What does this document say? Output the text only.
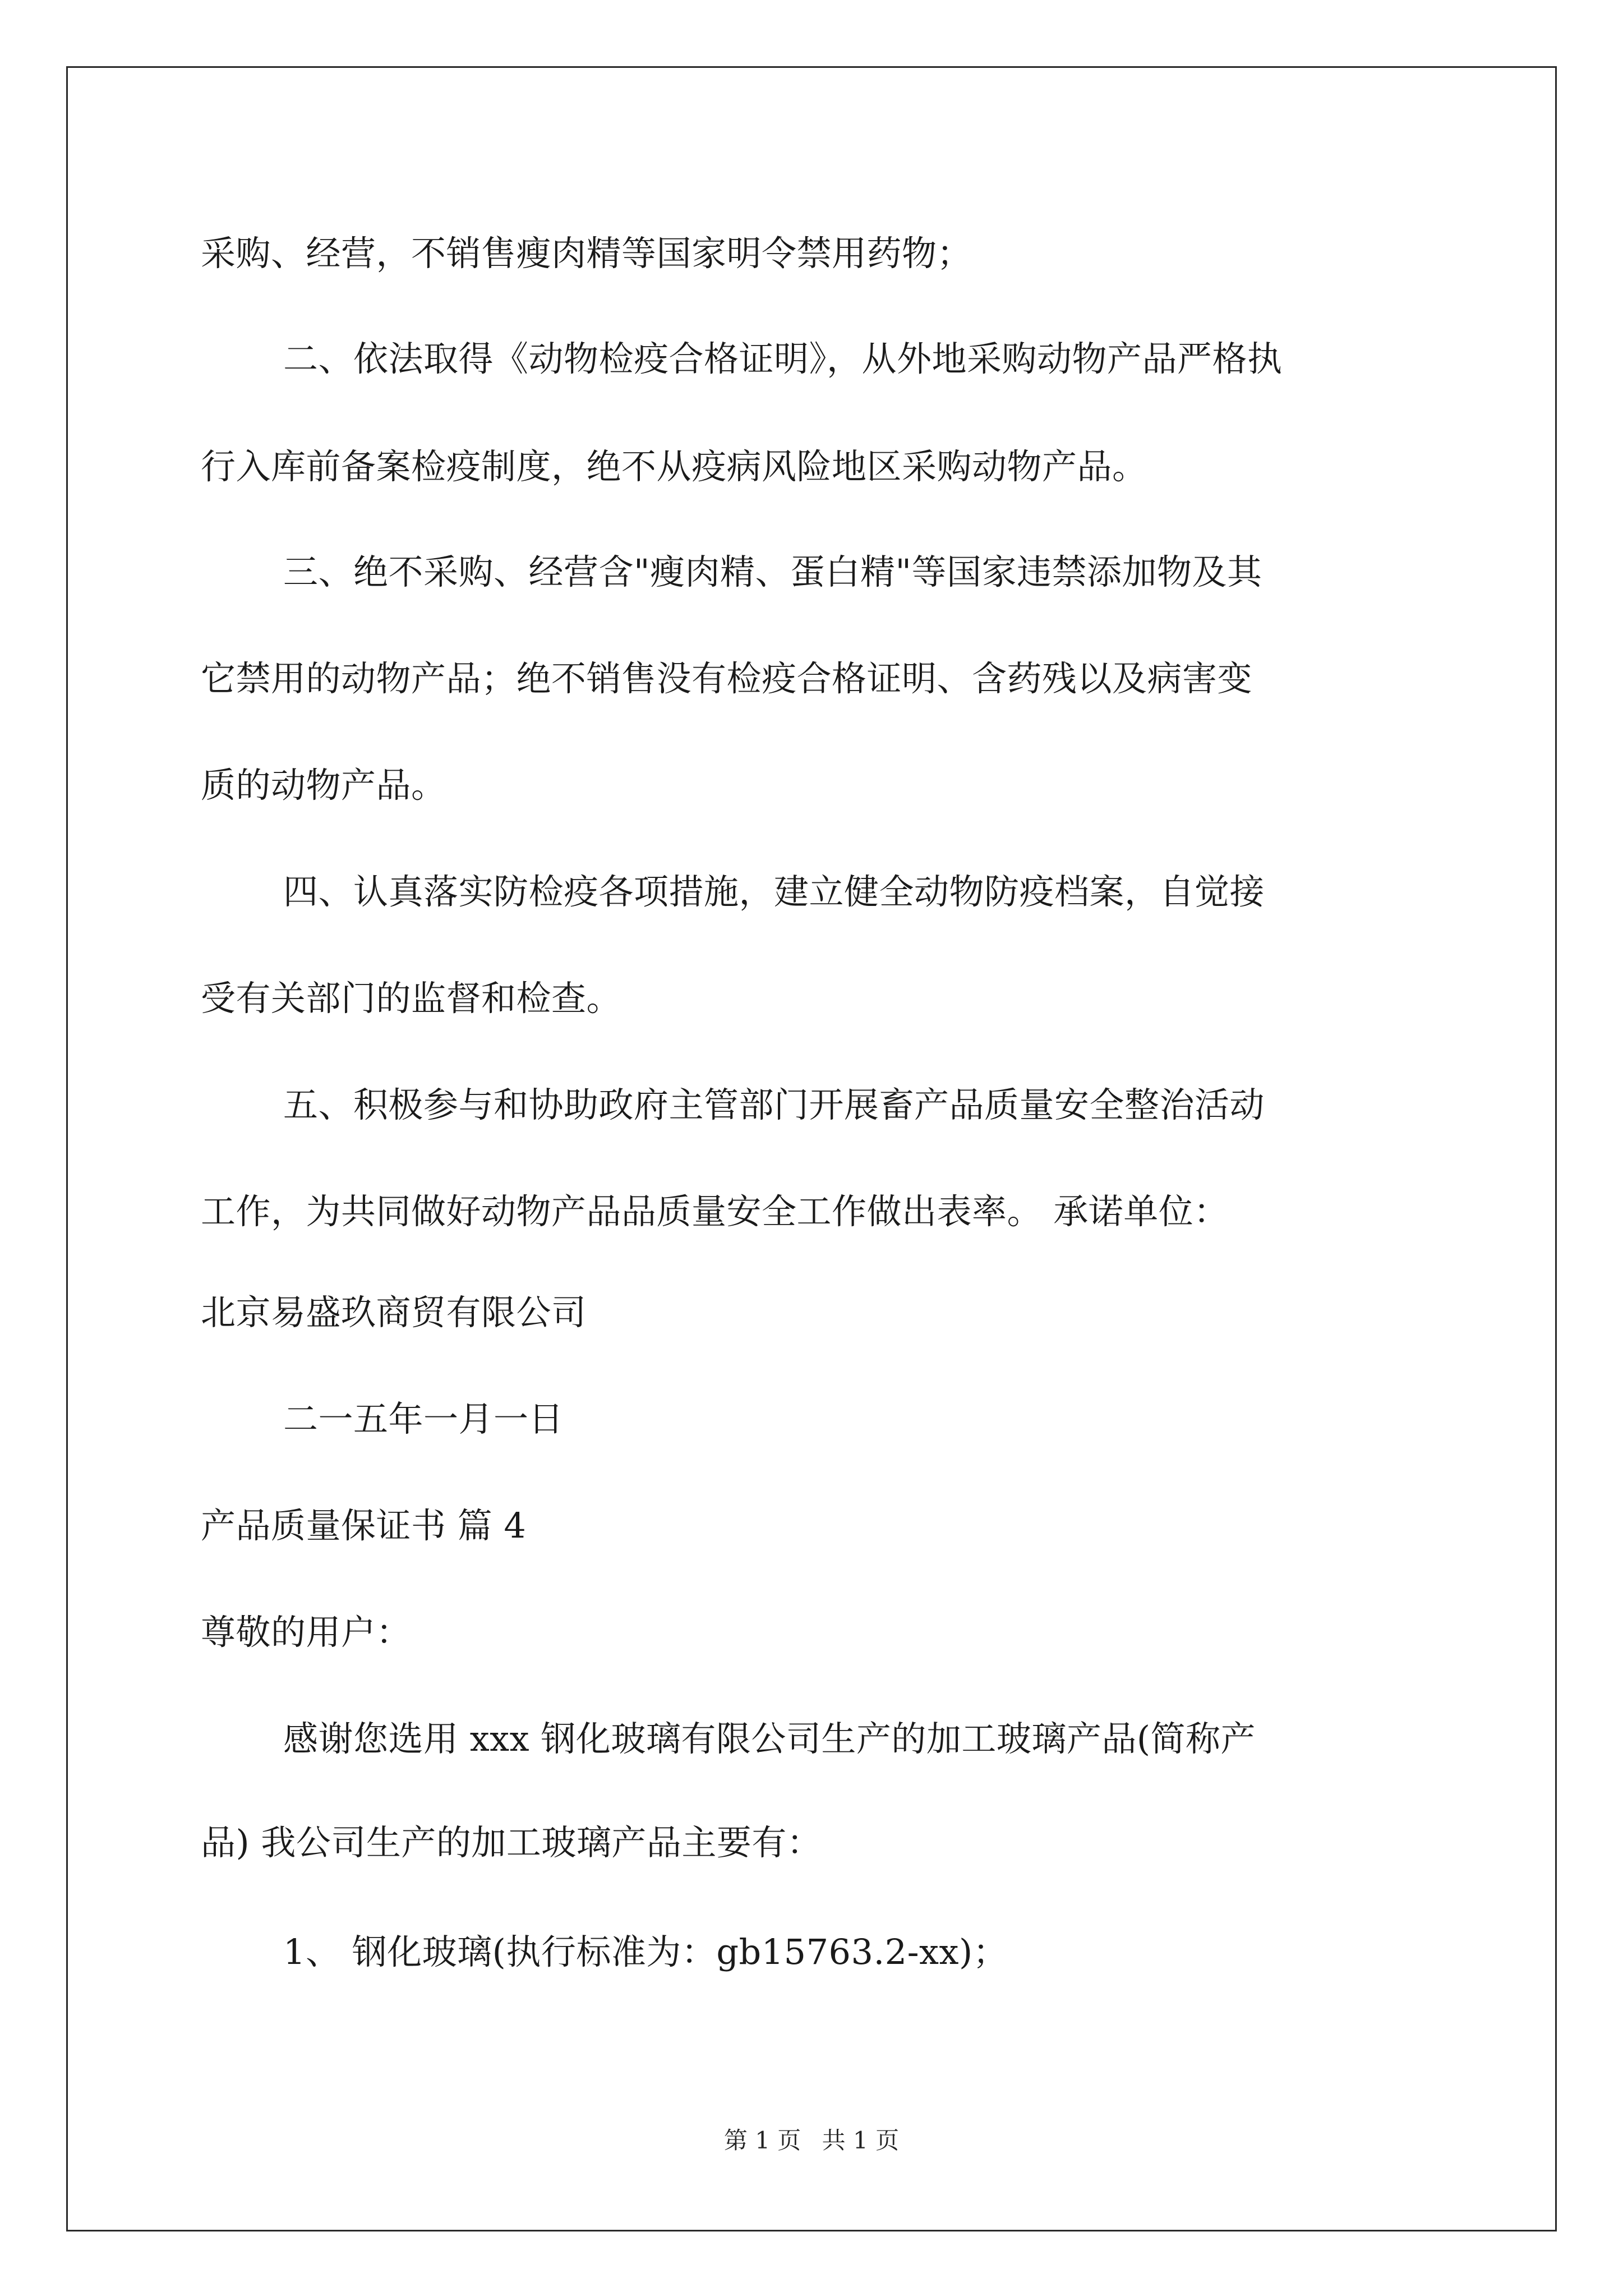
采购、经营，不销售瘦肉精等国家明令禁用药物；
二、依法取得《动物检疫合格证明》，从外地采购动物产品严格执
行入库前备案检疫制度，绝不从疫病风险地区采购动物产品。
三、绝不采购、经营含"瘦肉精、蛋白精"等国家违禁添加物及其
它禁用的动物产品；绝不销售没有检疫合格证明、含药残以及病害变
质的动物产品。
四、认真落实防检疫各项措施，建立健全动物防疫档案，自觉接
受有关部门的监督和检查。
五、积极参与和协助政府主管部门开展畜产品质量安全整治活动
工作，为共同做好动物产品品质量安全工作做出表率。 承诺单位：
北京易盛玖商贸有限公司
二一五年一月一日
产品质量保证书 篇 4
尊敬的用户：
感谢您选用 xxx 钢化玻璃有限公司生产的加工玻璃产品(简称产
品) 我公司生产的加工玻璃产品主要有：
1、 钢化玻璃(执行标准为：gb15763.2-xx)；
第 1 页 共 1 页
